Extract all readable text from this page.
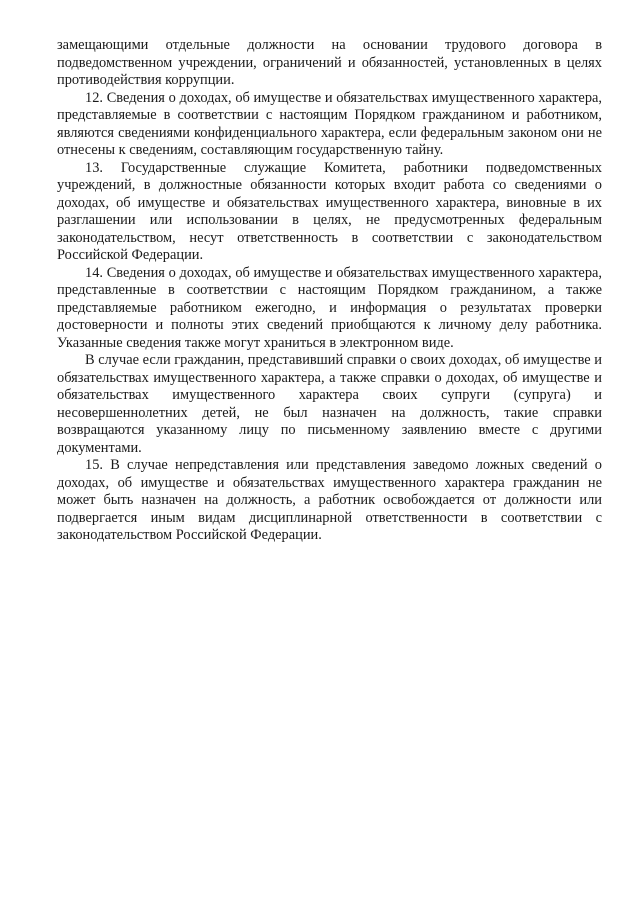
замещающими отдельные должности на основании трудового договора в подведомственном учреждении, ограничений и обязанностей, установленных в целях противодействия коррупции.

12. Сведения о доходах, об имуществе и обязательствах имущественного характера, представляемые в соответствии с настоящим Порядком гражданином и работником, являются сведениями конфиденциального характера, если федеральным законом они не отнесены к сведениям, составляющим государственную тайну.

13. Государственные служащие Комитета, работники подведомственных учреждений, в должностные обязанности которых входит работа со сведениями о доходах, об имуществе и обязательствах имущественного характера, виновные в их разглашении или использовании в целях, не предусмотренных федеральным законодательством, несут ответственность в соответствии с законодательством Российской Федерации.

14. Сведения о доходах, об имуществе и обязательствах имущественного характера, представленные в соответствии с настоящим Порядком гражданином, а также представляемые работником ежегодно, и информация о результатах проверки достоверности и полноты этих сведений приобщаются к личному делу работника. Указанные сведения также могут храниться в электронном виде.

В случае если гражданин, представивший справки о своих доходах, об имуществе и обязательствах имущественного характера, а также справки о доходах, об имуществе и обязательствах имущественного характера своих супруги (супруга) и несовершеннолетних детей, не был назначен на должность, такие справки возвращаются указанному лицу по письменному заявлению вместе с другими документами.

15. В случае непредставления или представления заведомо ложных сведений о доходах, об имуществе и обязательствах имущественного характера гражданин не может быть назначен на должность, а работник освобождается от должности или подвергается иным видам дисциплинарной ответственности в соответствии с законодательством Российской Федерации.
